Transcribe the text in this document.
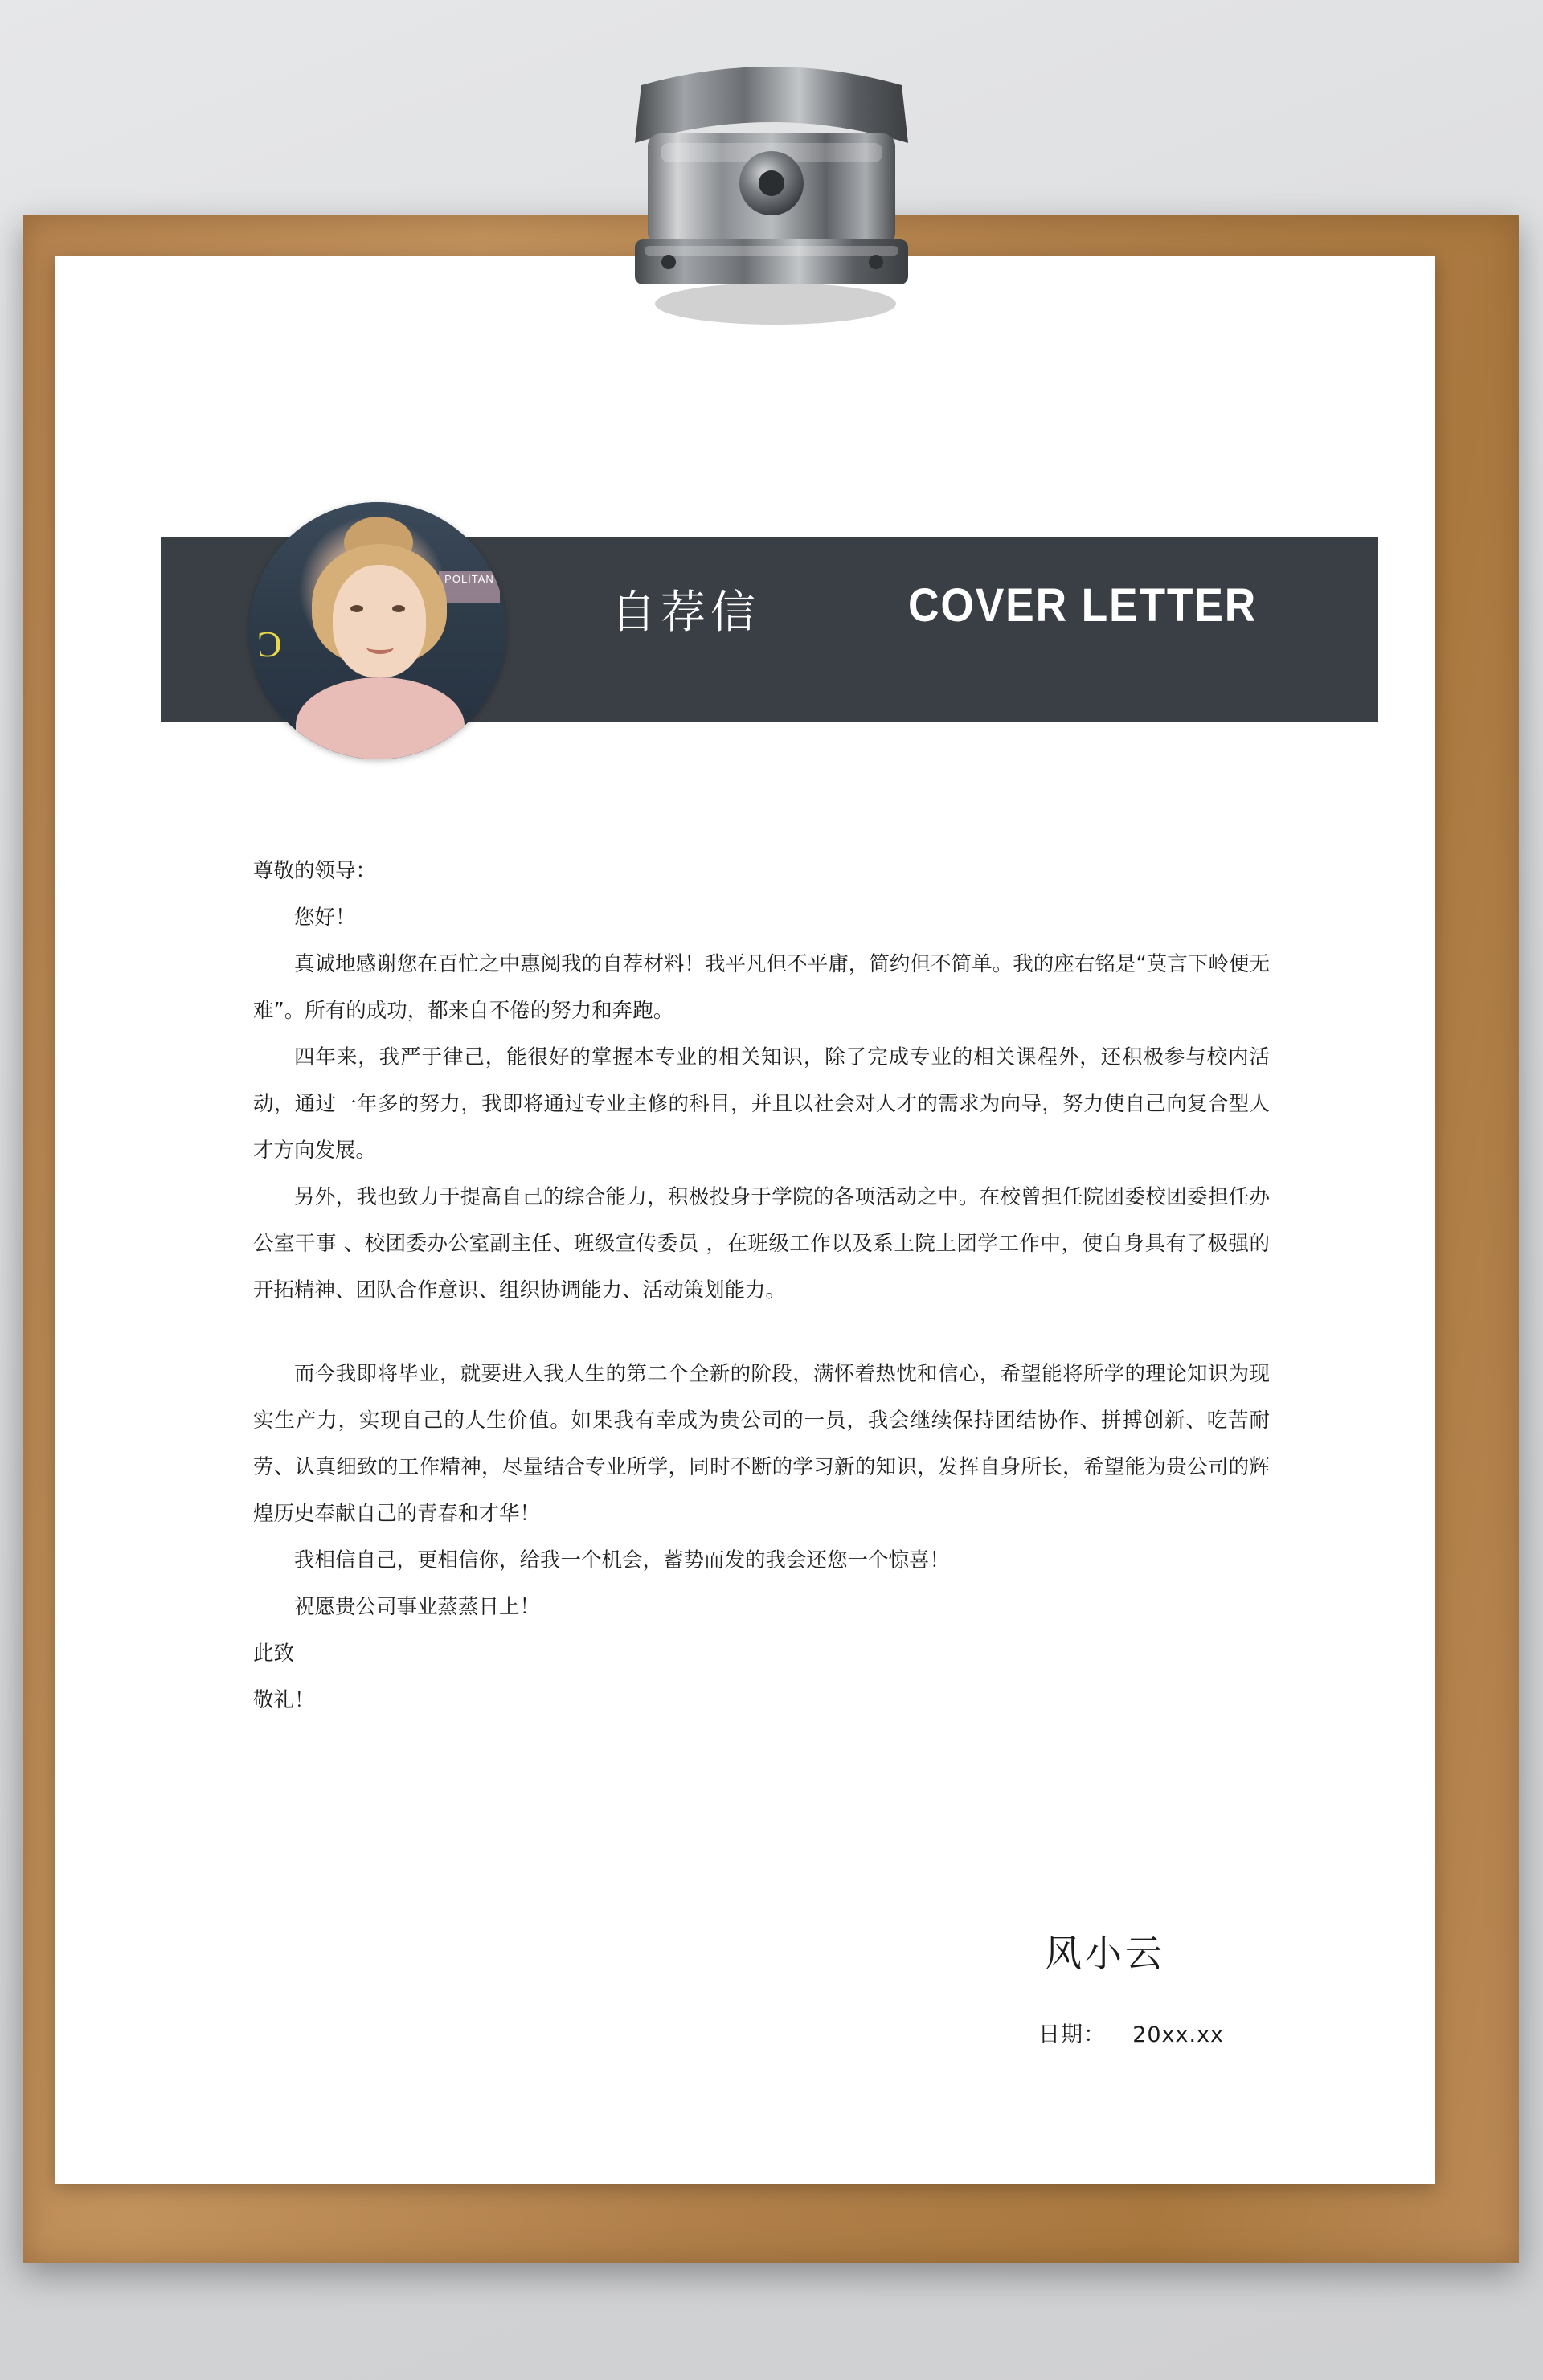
自荐信	COVER LETTER
Ɔ
POLITAN

尊敬的领导：

您好！

真诚地感谢您在百忙之中惠阅我的自荐材料！我平凡但不平庸，简约但不简单。我的座右铭是“莫言下岭便无难”。所有的成功，都来自不倦的努力和奔跑。

四年来，我严于律己，能很好的掌握本专业的相关知识，除了完成专业的相关课程外，还积极参与校内活动，通过一年多的努力，我即将通过专业主修的科目，并且以社会对人才的需求为向导，努力使自己向复合型人才方向发展。

另外，我也致力于提高自己的综合能力，积极投身于学院的各项活动之中。在校曾担任院团委校团委担任办公室干事 、校团委办公室副主任、班级宣传委员 ，在班级工作以及系上院上团学工作中，使自身具有了极强的开拓精神、团队合作意识、组织协调能力、活动策划能力。

而今我即将毕业，就要进入我人生的第二个全新的阶段，满怀着热忱和信心，希望能将所学的理论知识为现实生产力，实现自己的人生价值。如果我有幸成为贵公司的一员，我会继续保持团结协作、拼搏创新、吃苦耐劳、认真细致的工作精神，尽量结合专业所学，同时不断的学习新的知识，发挥自身所长，希望能为贵公司的辉煌历史奉献自己的青春和才华！

我相信自己，更相信你，给我一个机会，蓄势而发的我会还您一个惊喜！

祝愿贵公司事业蒸蒸日上！

此致

敬礼！

风小云
日期： 20xx.xx
